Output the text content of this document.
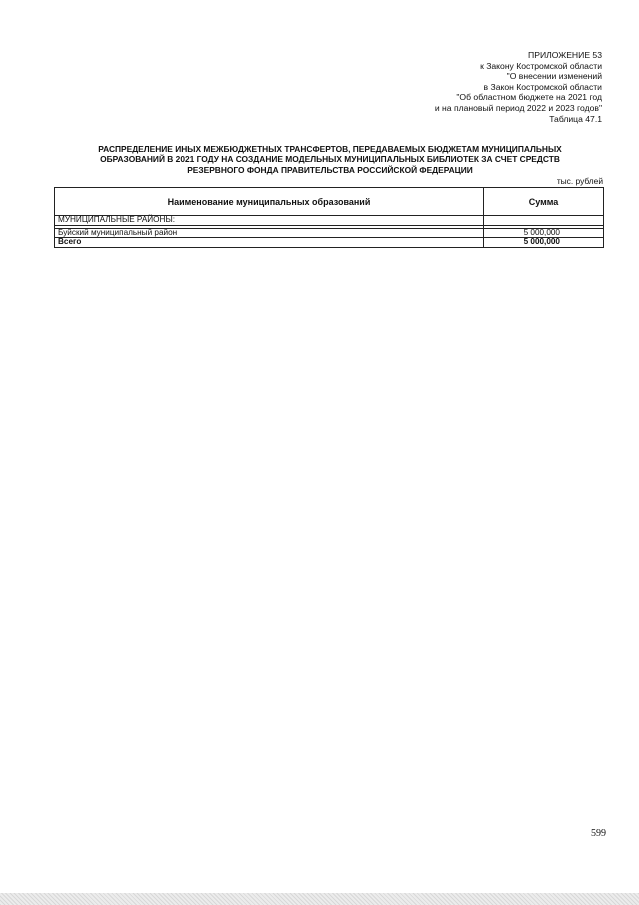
ПРИЛОЖЕНИЕ 53
к Закону Костромской области
"О внесении изменений
в Закон Костромской области
"Об областном бюджете на 2021 год
и на плановый период 2022 и 2023 годов"
Таблица 47.1
РАСПРЕДЕЛЕНИЕ ИНЫХ МЕЖБЮДЖЕТНЫХ ТРАНСФЕРТОВ, ПЕРЕДАВАЕМЫХ БЮДЖЕТАМ МУНИЦИПАЛЬНЫХ
ОБРАЗОВАНИЙ В 2021 ГОДУ НА СОЗДАНИЕ МОДЕЛЬНЫХ МУНИЦИПАЛЬНЫХ БИБЛИОТЕК ЗА СЧЕТ СРЕДСТВ
РЕЗЕРВНОГО ФОНДА ПРАВИТЕЛЬСТВА РОССИЙСКОЙ ФЕДЕРАЦИИ
тыс. рублей
Наименование муниципальных образований	Сумма
МУНИЦИПАЛЬНЫЕ РАЙОНЫ:	

Буйский муниципальный район	5 000,000
Всего	5 000,000
599
